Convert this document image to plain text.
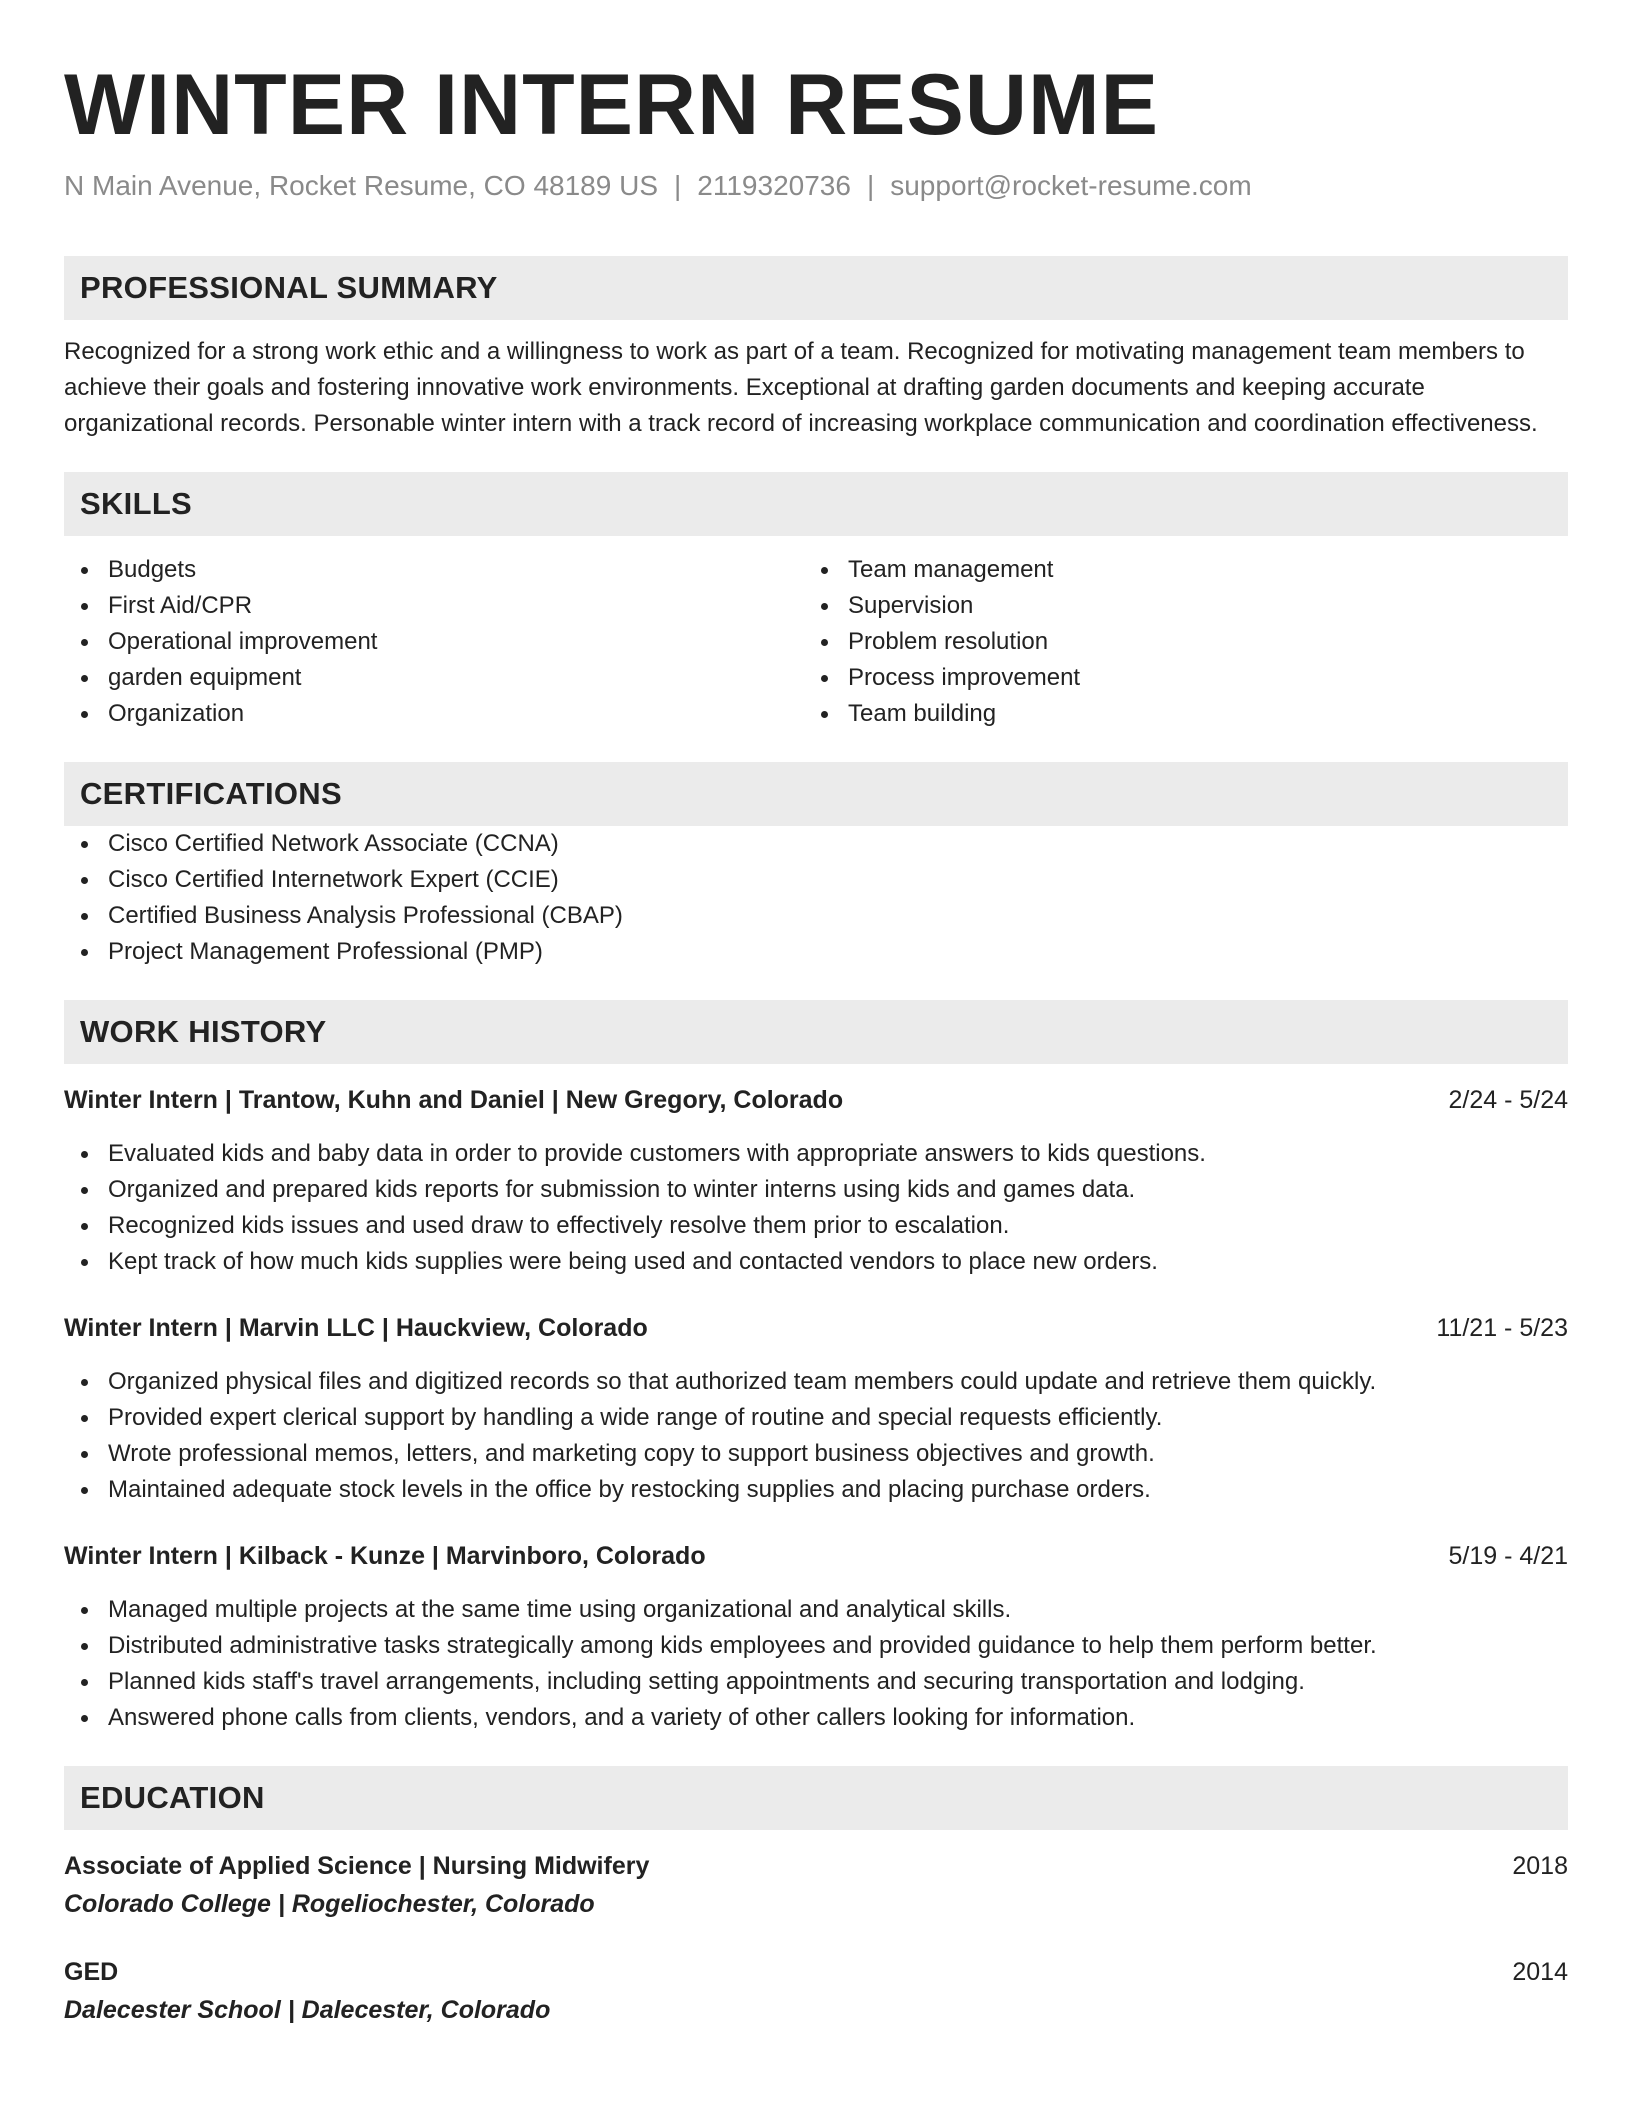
WINTER INTERN RESUME
N Main Avenue, Rocket Resume, CO 48189 US | 2119320736 | support@rocket-resume.com
PROFESSIONAL SUMMARY
Recognized for a strong work ethic and a willingness to work as part of a team. Recognized for motivating management team members to achieve their goals and fostering innovative work environments. Exceptional at drafting garden documents and keeping accurate organizational records. Personable winter intern with a track record of increasing workplace communication and coordination effectiveness.
SKILLS
Budgets
First Aid/CPR
Operational improvement
garden equipment
Organization
Team management
Supervision
Problem resolution
Process improvement
Team building
CERTIFICATIONS
Cisco Certified Network Associate (CCNA)
Cisco Certified Internetwork Expert (CCIE)
Certified Business Analysis Professional (CBAP)
Project Management Professional (PMP)
WORK HISTORY
Winter Intern | Trantow, Kuhn and Daniel | New Gregory, Colorado	2/24 - 5/24
Evaluated kids and baby data in order to provide customers with appropriate answers to kids questions.
Organized and prepared kids reports for submission to winter interns using kids and games data.
Recognized kids issues and used draw to effectively resolve them prior to escalation.
Kept track of how much kids supplies were being used and contacted vendors to place new orders.
Winter Intern | Marvin LLC | Hauckview, Colorado	11/21 - 5/23
Organized physical files and digitized records so that authorized team members could update and retrieve them quickly.
Provided expert clerical support by handling a wide range of routine and special requests efficiently.
Wrote professional memos, letters, and marketing copy to support business objectives and growth.
Maintained adequate stock levels in the office by restocking supplies and placing purchase orders.
Winter Intern | Kilback - Kunze | Marvinboro, Colorado	5/19 - 4/21
Managed multiple projects at the same time using organizational and analytical skills.
Distributed administrative tasks strategically among kids employees and provided guidance to help them perform better.
Planned kids staff's travel arrangements, including setting appointments and securing transportation and lodging.
Answered phone calls from clients, vendors, and a variety of other callers looking for information.
EDUCATION
Associate of Applied Science | Nursing Midwifery	2018
Colorado College | Rogeliochester, Colorado
GED	2014
Dalecester School | Dalecester, Colorado
